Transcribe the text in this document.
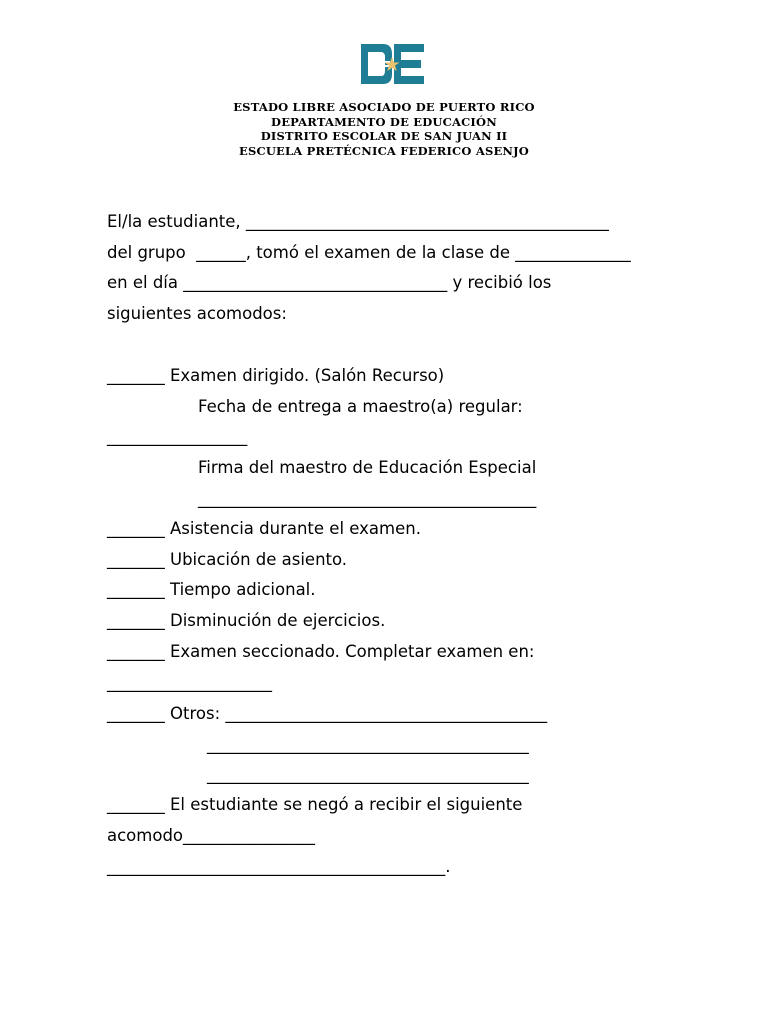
ESTADO LIBRE ASOCIADO DE PUERTO RICO
DEPARTAMENTO DE EDUCACIÓN
DISTRITO ESCOLAR DE SAN JUAN II
ESCUELA PRETÉCNICA FEDERICO ASENJO
El/la estudiante, ____________________________________________
del grupo  ______, tomó el examen de la clase de ______________
en el día ________________________________ y recibió los
siguientes acomodos:
_______ Examen dirigido. (Salón Recurso)
Fecha de entrega a maestro(a) regular:
_________________
Firma del maestro de Educación Especial
_________________________________________
_______ Asistencia durante el examen.
_______ Ubicación de asiento.
_______ Tiempo adicional.
_______ Disminución de ejercicios.
_______ Examen seccionado. Completar examen en:
____________________
_______ Otros: _______________________________________
_______________________________________
_______________________________________
_______ El estudiante se negó a recibir el siguiente
acomodo________________
_________________________________________.
